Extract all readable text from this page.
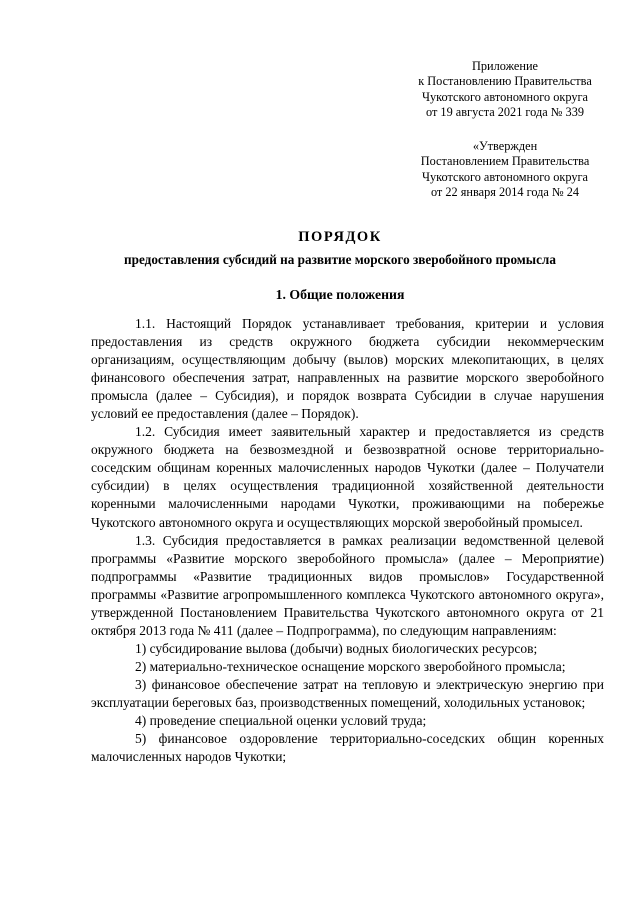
Приложение
к Постановлению Правительства
Чукотского автономного округа
от 19 августа 2021 года № 339
«Утвержден
Постановлением Правительства
Чукотского автономного округа
от 22 января 2014 года № 24
ПОРЯДОК
предоставления субсидий на развитие морского зверобойного промысла
1. Общие положения

1.1. Настоящий Порядок устанавливает требования, критерии и условия предоставления из средств окружного бюджета субсидии некоммерческим организациям, осуществляющим добычу (вылов) морских млекопитающих, в целях финансового обеспечения затрат, направленных на развитие морского зверобойного промысла (далее – Субсидия), и порядок возврата Субсидии в случае нарушения условий ее предоставления (далее – Порядок).

1.2. Субсидия имеет заявительный характер и предоставляется из средств окружного бюджета на безвозмездной и безвозвратной основе территориально-соседским общинам коренных малочисленных народов Чукотки (далее – Получатели субсидии) в целях осуществления традиционной хозяйственной деятельности коренными малочисленными народами Чукотки, проживающими на побережье Чукотского автономного округа и осуществляющих морской зверобойный промысел.

1.3. Субсидия предоставляется в рамках реализации ведомственной целевой программы «Развитие морского зверобойного промысла» (далее – Мероприятие) подпрограммы «Развитие традиционных видов промыслов» Государственной программы «Развитие агропромышленного комплекса Чукотского автономного округа», утвержденной Постановлением Правительства Чукотского автономного округа от 21 октября 2013 года № 411 (далее – Подпрограмма), по следующим направлениям:

1) субсидирование вылова (добычи) водных биологических ресурсов;

2) материально-техническое оснащение морского зверобойного промысла;

3) финансовое обеспечение затрат на тепловую и электрическую энергию при эксплуатации береговых баз, производственных помещений, холодильных установок;

4) проведение специальной оценки условий труда;

5) финансовое оздоровление территориально-соседских общин коренных малочисленных народов Чукотки;
